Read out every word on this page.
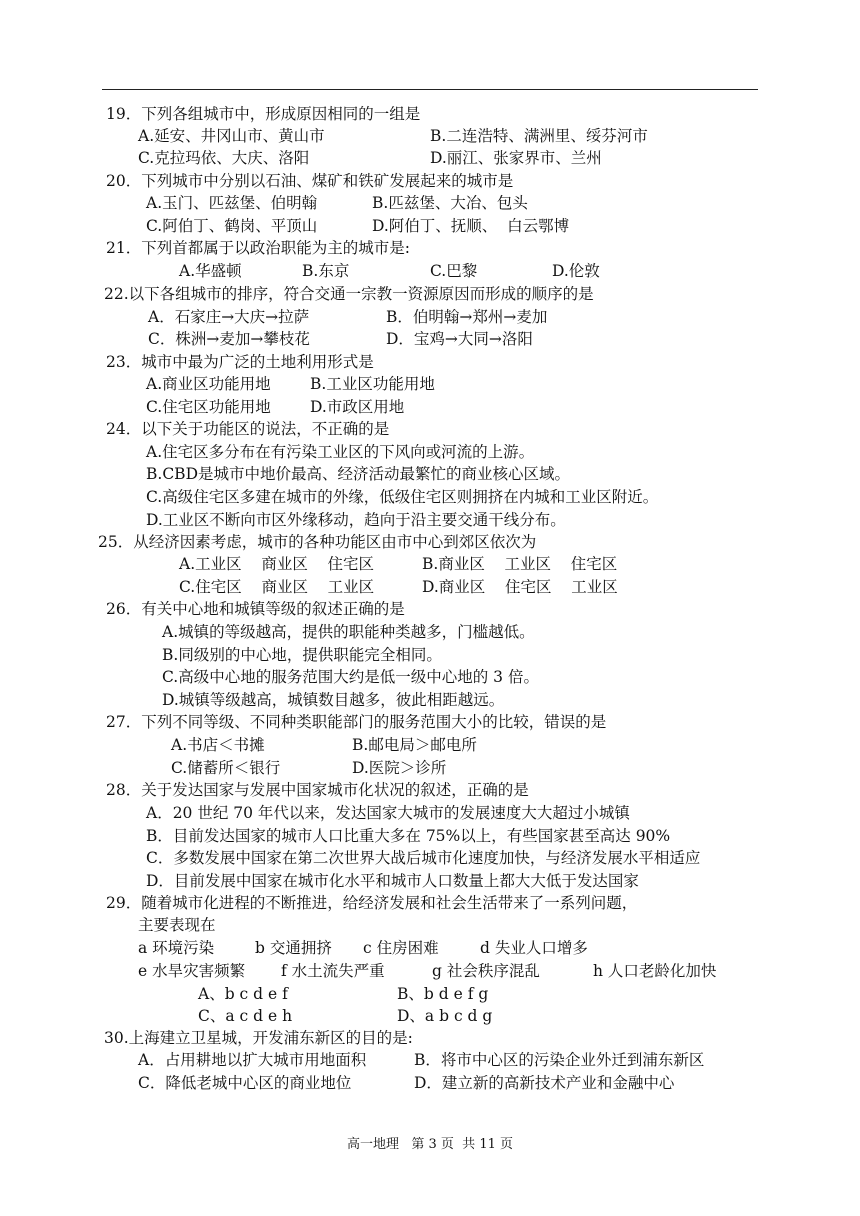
19．下列各组城市中，形成原因相同的一组是
A.延安、井冈山市、黄山市	B.二连浩特、满洲里、绥芬河市
C.克拉玛依、大庆、洛阳	D.丽江、张家界市、兰州
20．下列城市中分别以石油、煤矿和铁矿发展起来的城市是
A.玉门、匹兹堡、伯明翰	B.匹兹堡、大冶、包头
C.阿伯丁、鹤岗、平顶山	D.阿伯丁、抚顺、  白云鄂博
21．下列首都属于以政治职能为主的城市是:
A.华盛顿	B.东京	C.巴黎	D.伦敦
22.以下各组城市的排序，符合交通一宗教一资源原因而形成的顺序的是
A．石家庄→大庆→拉萨	B．伯明翰→郑州→麦加
C．株洲→麦加→攀枝花	D．宝鸡→大同→洛阳
23．城市中最为广泛的土地利用形式是
A.商业区功能用地	B.工业区功能用地
C.住宅区功能用地	D.市政区用地
24．以下关于功能区的说法，不正确的是
A.住宅区多分布在有污染工业区的下风向或河流的上游。
B.CBD是城市中地价最高、经济活动最繁忙的商业核心区域。
C.高级住宅区多建在城市的外缘，低级住宅区则拥挤在内城和工业区附近。
D.工业区不断向市区外缘移动，趋向于沿主要交通干线分布。
25．从经济因素考虑，城市的各种功能区由市中心到郊区依次为
A.工业区    商业区    住宅区	B.商业区    工业区    住宅区
C.住宅区    商业区    工业区	D.商业区    住宅区    工业区
26．有关中心地和城镇等级的叙述正确的是
A.城镇的等级越高，提供的职能种类越多，门槛越低。
B.同级别的中心地，提供职能完全相同。
C.高级中心地的服务范围大约是低一级中心地的 3 倍。
D.城镇等级越高，城镇数目越多，彼此相距越远。
27．下列不同等级、不同种类职能部门的服务范围大小的比较，错误的是
A.书店＜书摊	B.邮电局＞邮电所
C.储蓄所＜银行	D.医院＞诊所
28．关于发达国家与发展中国家城市化状况的叙述，正确的是
A．20 世纪 70 年代以来，发达国家大城市的发展速度大大超过小城镇
B．目前发达国家的城市人口比重大多在 75%以上，有些国家甚至高达 90%
C．多数发展中国家在第二次世界大战后城市化速度加快，与经济发展水平相适应
D．目前发展中国家在城市化水平和城市人口数量上都大大低于发达国家
29．随着城市化进程的不断推进，给经济发展和社会生活带来了一系列问题，
主要表现在
a 环境污染	b 交通拥挤 c 住房困难	d 失业人口增多
e 水旱灾害频繁 f 水土流失严重	g 社会秩序混乱	h 人口老龄化加快
A、b c d e f	B、b d e f g
C、a c d e h	D、a b c d g
30.上海建立卫星城，开发浦东新区的目的是:
A．占用耕地以扩大城市用地面积	B．将市中心区的污染企业外迁到浦东新区
C．降低老城中心区的商业地位	D．建立新的高新技术产业和金融中心
高一地理   第 3 页  共 11 页
